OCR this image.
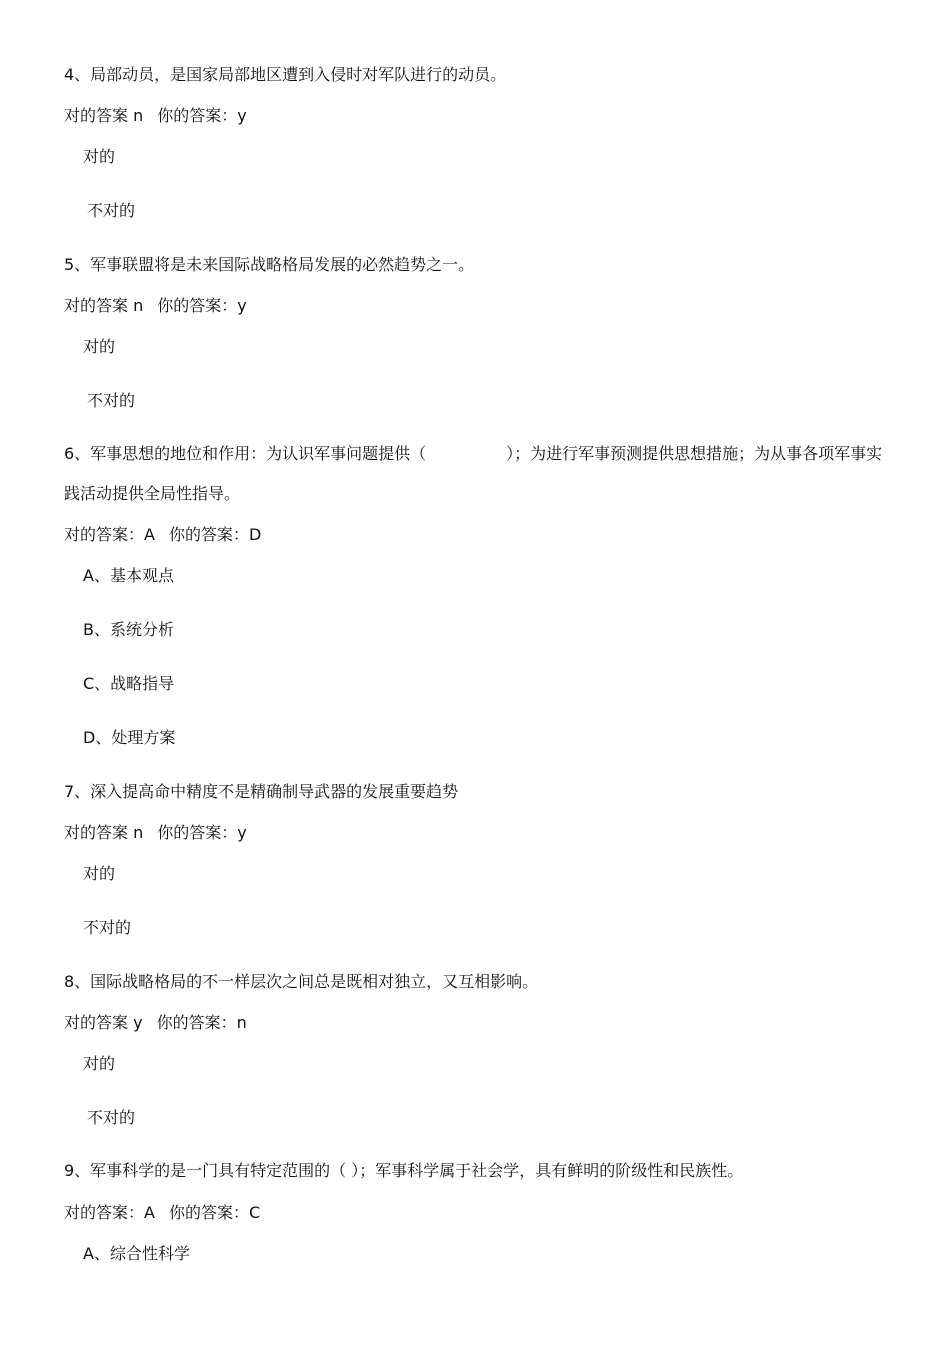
4、局部动员，是国家局部地区遭到入侵时对军队进行的动员。
对的答案 n 你的答案：y
对的
不对的
5、军事联盟将是未来国际战略格局发展的必然趋势之一。
对的答案 n 你的答案：y
对的
不对的
6、军事思想的地位和作用：为认识军事问题提供（　　　　　）；为进行军事预测提供思想措施；为从事各项军事实践活动提供全局性指导。
对的答案：A 你的答案：D
A、基本观点
B、系统分析
C、战略指导
D、处理方案
7、深入提高命中精度不是精确制导武器的发展重要趋势
对的答案 n 你的答案：y
对的
不对的
8、国际战略格局的不一样层次之间总是既相对独立，又互相影响。
对的答案 y 你的答案：n
对的
不对的
9、军事科学的是一门具有特定范围的（ ）；军事科学属于社会学，具有鲜明的阶级性和民族性。
对的答案：A 你的答案：C
A、综合性科学
